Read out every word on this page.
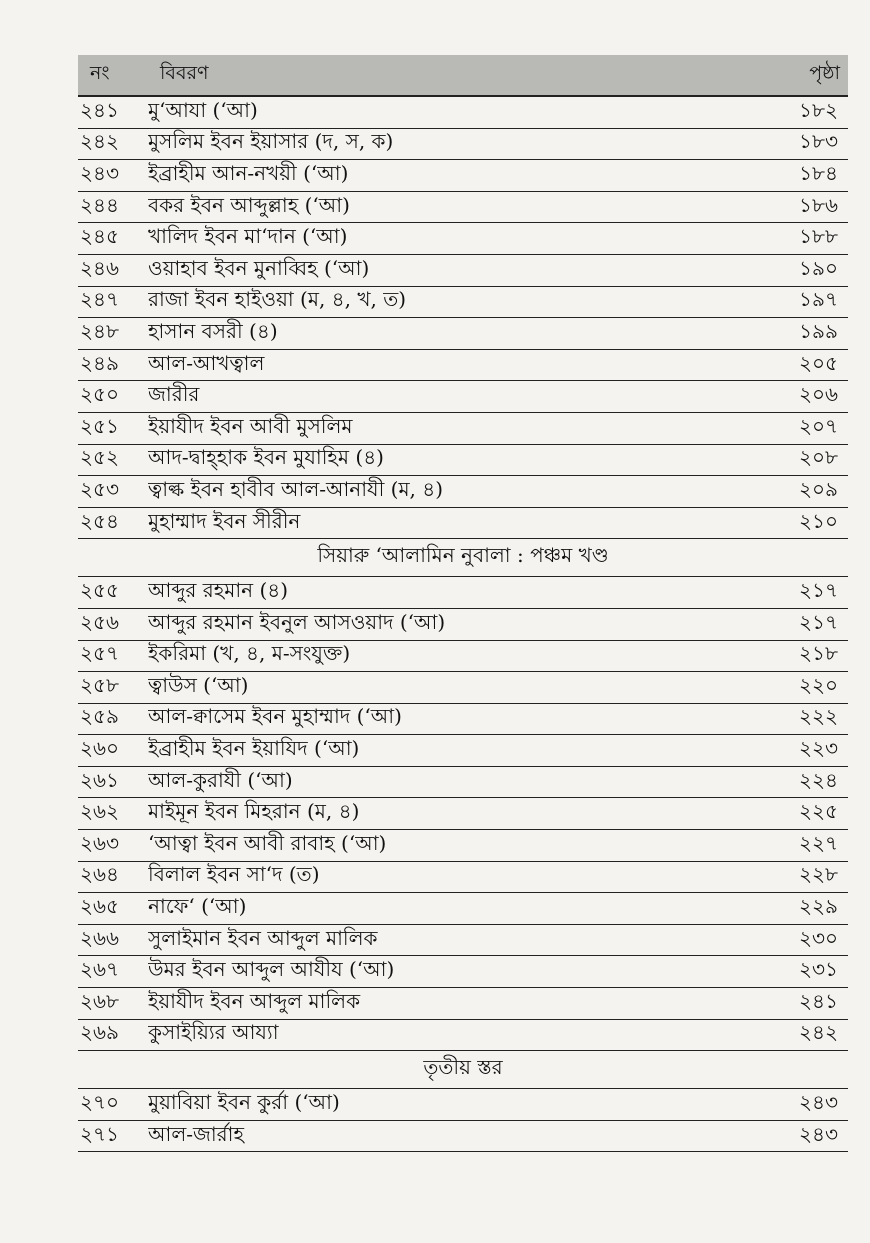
নং	বিবরণ	পৃষ্ঠা
২৪১	মু‘আযা (‘আ)	১৮২
২৪২	মুসলিম ইবন ইয়াসার (দ, স, ক)	১৮৩
২৪৩	ইব্রাহীম আন-নখয়ী (‘আ)	১৮৪
২৪৪	বকর ইবন আব্দুল্লাহ (‘আ)	১৮৬
২৪৫	খালিদ ইবন মা‘দান (‘আ)	১৮৮
২৪৬	ওয়াহাব ইবন মুনাব্বিহ (‘আ)	১৯০
২৪৭	রাজা ইবন হাইওয়া (ম, ৪, খ, ত)	১৯৭
২৪৮	হাসান বসরী (৪)	১৯৯
২৪৯	আল-আখত্বাল	২০৫
২৫০	জারীর	২০৬
২৫১	ইয়াযীদ ইবন আবী মুসলিম	২০৭
২৫২	আদ-দ্বাহ্হাক ইবন মুযাহিম (৪)	২০৮
২৫৩	ত্বাল্ক ইবন হাবীব আল-আনাযী (ম, ৪)	২০৯
২৫৪	মুহাম্মাদ ইবন সীরীন	২১০
সিয়ারু ‘আলামিন নুবালা : পঞ্চম খণ্ড
২৫৫	আব্দুর রহমান (৪)	২১৭
২৫৬	আব্দুর রহমান ইবনুল আসওয়াদ (‘আ)	২১৭
২৫৭	ইকরিমা (খ, ৪, ম-সংযুক্ত)	২১৮
২৫৮	ত্বাউস (‘আ)	২২০
২৫৯	আল-ক্বাসেম ইবন মুহাম্মাদ (‘আ)	২২২
২৬০	ইব্রাহীম ইবন ইয়াযিদ (‘আ)	২২৩
২৬১	আল-কুরাযী (‘আ)	২২৪
২৬২	মাইমূন ইবন মিহরান (ম, ৪)	২২৫
২৬৩	‘আত্বা ইবন আবী রাবাহ (‘আ)	২২৭
২৬৪	বিলাল ইবন সা‘দ (ত)	২২৮
২৬৫	নাফে‘ (‘আ)	২২৯
২৬৬	সুলাইমান ইবন আব্দুল মালিক	২৩০
২৬৭	উমর ইবন আব্দুল আযীয (‘আ)	২৩১
২৬৮	ইয়াযীদ ইবন আব্দুল মালিক	২৪১
২৬৯	কুসাইয়্যির আয্যা	২৪২
তৃতীয় স্তর
২৭০	মুয়াবিয়া ইবন কুর্রা (‘আ)	২৪৩
২৭১	আল-জার্রাহ	২৪৩
